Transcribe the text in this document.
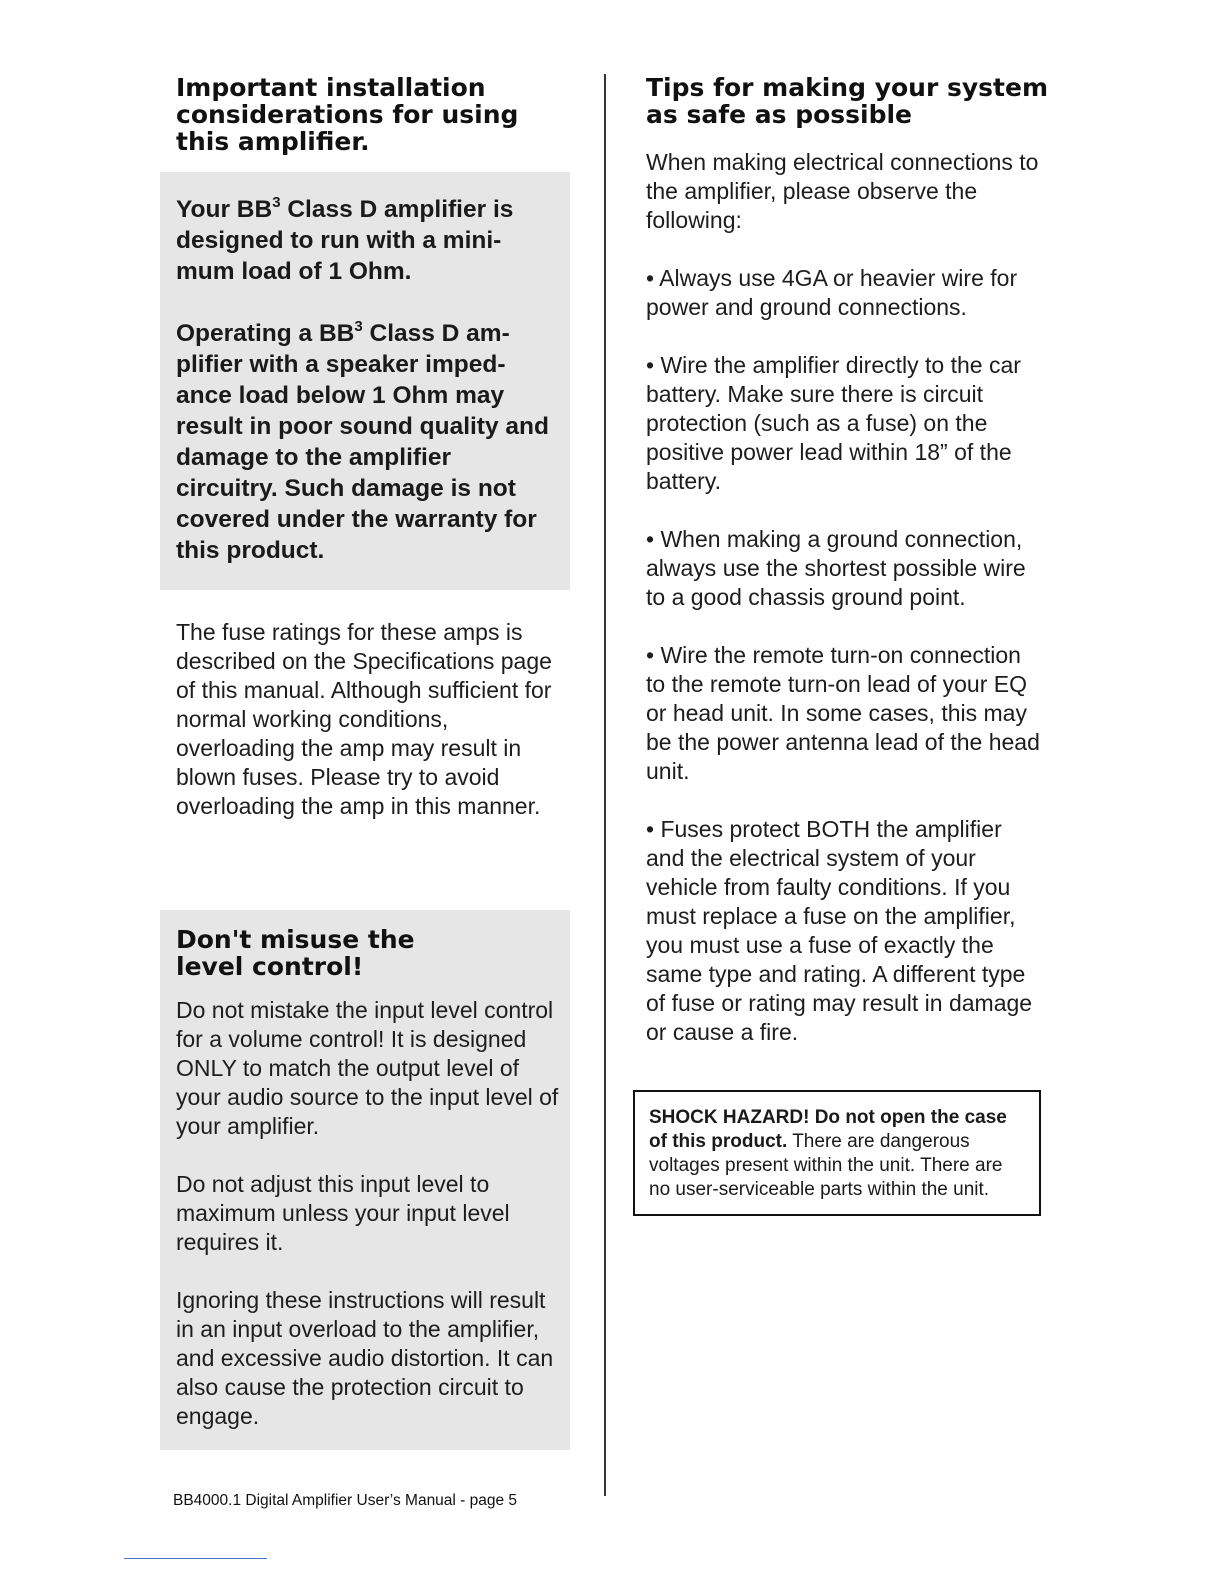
Important installation
considerations for using
this amplifier.

Your $BB^3$ Class D amplifier is designed to run with a mini-mum load of 1 Ohm.

Operating a $BB^3$ Class D am-plifier with a speaker imped-ance load below 1 Ohm may result in poor sound quality and damage to the amplifier circuitry. Such damage is not covered under the warranty for this product.

The fuse ratings for these amps is described on the Specifications page of this manual. Although sufficient for normal working conditions, overloading the amp may result in blown fuses. Please try to avoid overloading the amp in this manner.

Don't misuse the
level control!

Do not mistake the input level control for a volume control! It is designed ONLY to match the output level of your audio source to the input level of your amplifier.

Do not adjust this input level to maximum unless your input level requires it.

Ignoring these instructions will result in an input overload to the amplifier, and excessive audio distortion. It can also cause the protection circuit to engage.

Tips for making your system
as safe as possible

When making electrical connections to the amplifier, please observe the following:

• Always use 4GA or heavier wire for power and ground connections.

• Wire the amplifier directly to the car battery. Make sure there is circuit protection (such as a fuse) on the positive power lead within 18” of the battery.

• When making a ground connection, always use the shortest possible wire to a good chassis ground point.

• Wire the remote turn-on connection to the remote turn-on lead of your EQ or head unit. In some cases, this may be the power antenna lead of the head unit.

• Fuses protect BOTH the amplifier and the electrical system of your vehicle from faulty conditions. If you must replace a fuse on the amplifier, you must use a fuse of exactly the same type and rating. A different type of fuse or rating may result in damage or cause a fire.

SHOCK HAZARD! Do not open the case of this product. There are dangerous voltages present within the unit. There are no user-serviceable parts within the unit.
BB4000.1 Digital Amplifier User’s Manual - page 5
